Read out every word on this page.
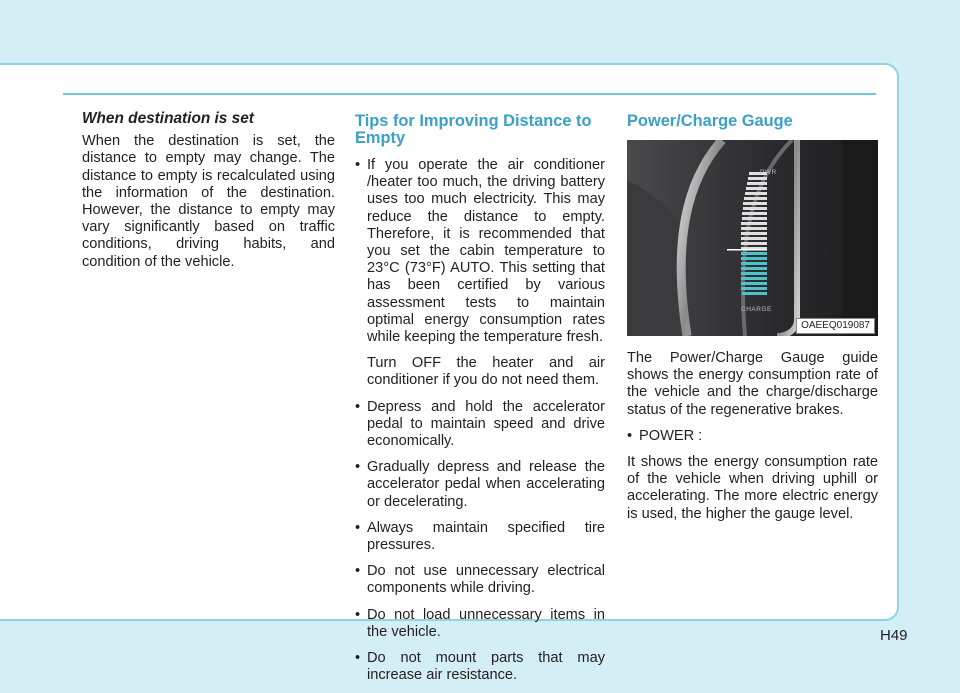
When destination is set

When the destination is set, the distance to empty may change. The distance to empty is recalculated using the information of the destination. However, the distance to empty may vary significantly based on traffic conditions, driving habits, and condition of the vehicle.

Tips for Improving Distance to Empty
• If you operate the air conditioner /heater too much, the driving battery uses too much electricity. This may reduce the distance to empty. Therefore, it is recommended that you set the cabin temperature to 23°C (73°F) AUTO. This setting that has been certified by various assessment tests to maintain optimal energy consumption rates while keeping the temperature fresh.

Turn OFF the heater and air conditioner if you do not need them.

• Depress and hold the accelerator pedal to maintain speed and drive economically.
• Gradually depress and release the accelerator pedal when accelerating or decelerating.
• Always maintain specified tire pressures.
• Do not use unnecessary electrical components while driving.
• Do not load unnecessary items in the vehicle.
• Do not mount parts that may increase air resistance.
Power/Charge Gauge
PWR
CHARGE
OAEEQ019087

The Power/Charge Gauge guide shows the energy consumption rate of the vehicle and the charge/discharge status of the regenerative brakes.

• POWER :

It shows the energy consumption rate of the vehicle when driving uphill or accelerating. The more electric energy is used, the higher the gauge level.

H49
